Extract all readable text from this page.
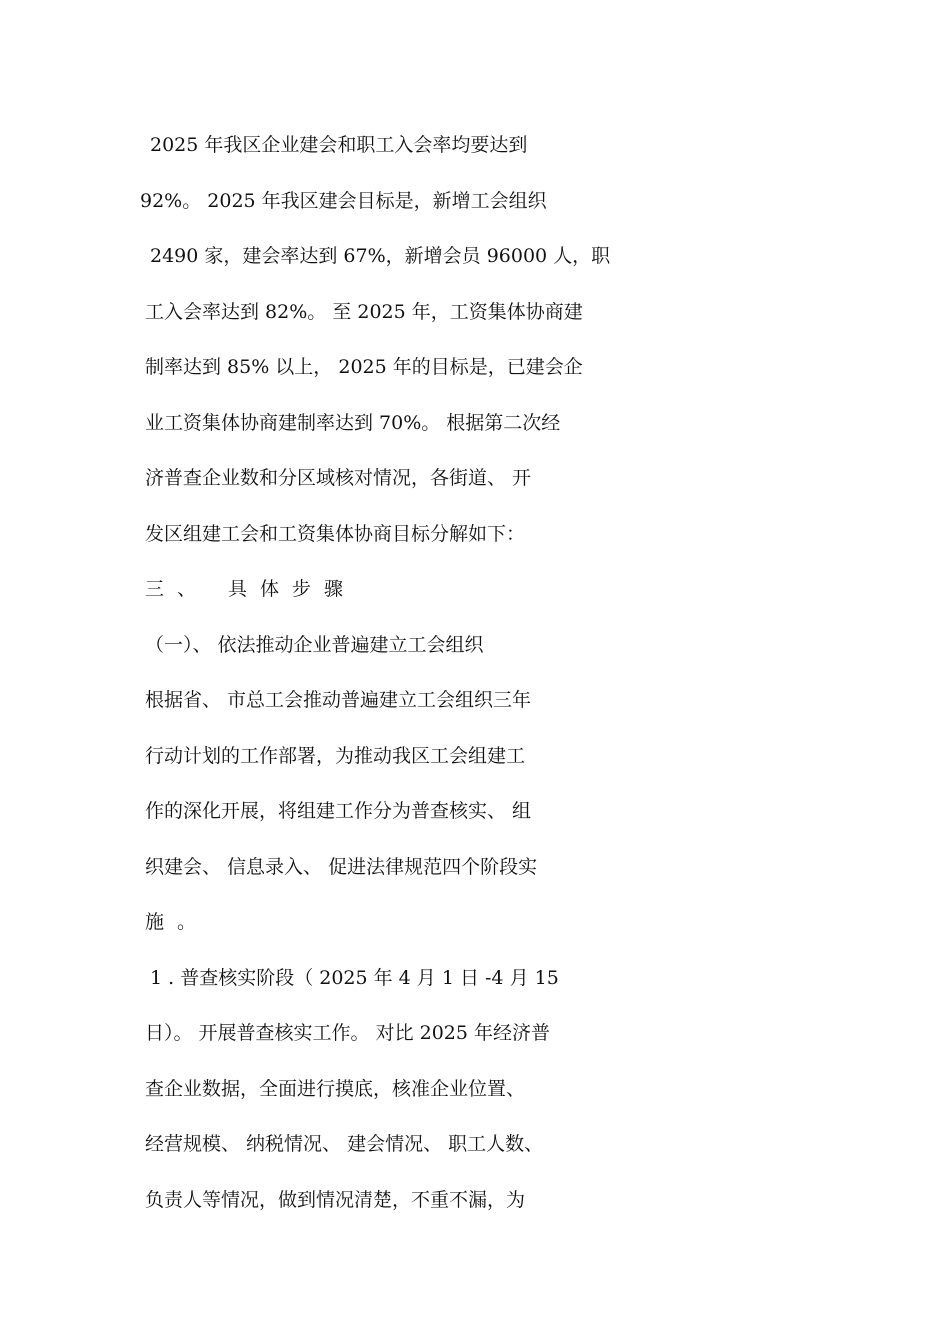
2025 年我区企业建会和职工入会率均要达到
92%。 2025 年我区建会目标是，新增工会组织
2490 家，建会率达到 67%，新增会员 96000 人，职
工入会率达到 82%。 至 2025 年，工资集体协商建
制率达到 85% 以上， 2025 年的目标是，已建会企
业工资集体协商建制率达到 70%。 根据第二次经
济普查企业数和分区域核对情况，各街道、 开
发区组建工会和工资集体协商目标分解如下：
三、 具体步骤
（一）、 依法推动企业普遍建立工会组织
根据省、 市总工会推动普遍建立工会组织三年
行动计划的工作部署，为推动我区工会组建工
作的深化开展，将组建工作分为普查核实、 组
织建会、 信息录入、 促进法律规范四个阶段实
施。
1 . 普查核实阶段（ 2025 年 4 月 1 日 -4 月 15
日）。 开展普查核实工作。 对比 2025 年经济普
查企业数据，全面进行摸底，核准企业位置、
经营规模、 纳税情况、 建会情况、 职工人数、
负责人等情况，做到情况清楚，不重不漏，为
